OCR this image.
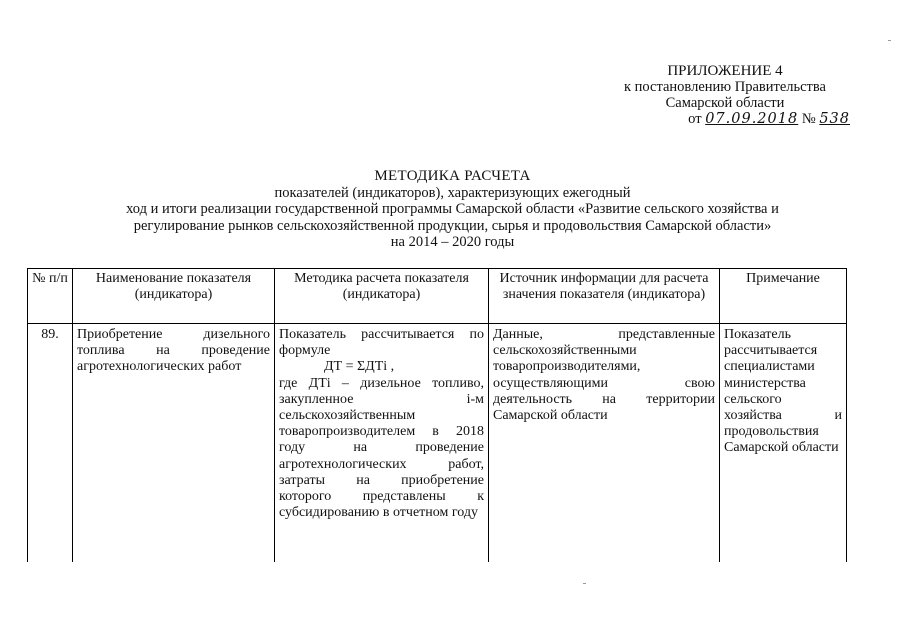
ПРИЛОЖЕНИЕ 4
к постановлению Правительства
Самарской области
от 07.09.2018 № 538
МЕТОДИКА РАСЧЕТА
показателей (индикаторов), характеризующих ежегодный
ход и итоги реализации государственной программы Самарской области «Развитие сельского хозяйства и
регулирование рынков сельскохозяйственной продукции, сырья и продовольствия Самарской области»
на 2014 – 2020 годы
№ п/п	Наименование показателя (индикатора)	Методика расчета показателя (индикатора)	Источник информации для расчета значения показателя (индикатора)	Примечание
89.	Приобретение дизельного топлива на проведение агротехнологических работ	Показатель рассчитывается по формуле
ДТ = ΣДТi ,
где ДТi – дизельное топливо, закупленное i-м сельскохозяйственным товаропроизводителем в 2018 году на проведение агротехнологических работ, затраты на приобретение которого представлены к субсидированию в отчетном году	Данные, представленные сельскохозяйственными товаропроизводителями, осуществляющими свою деятельность на территории Самарской области	Показатель рассчитывается специалистами министерства сельского хозяйства и продовольствия Самарской области
